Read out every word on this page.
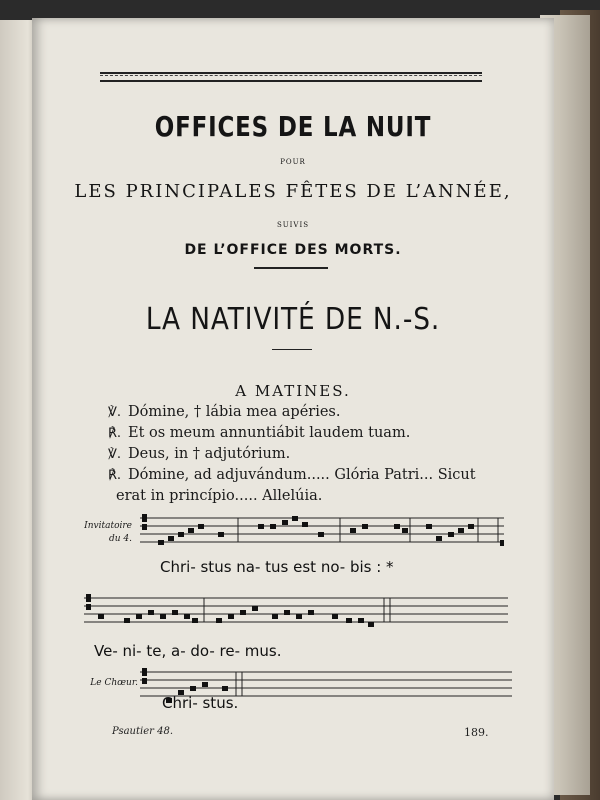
OFFICES DE LA NUIT
POUR
LES PRINCIPALES FÊTES DE L’ANNÉE,
SUIVIS
DE L’OFFICE DES MORTS.
LA NATIVITÉ DE N.-S.
A MATINES.
℣. Dómine, † lábia mea apéries.
℟. Et os meum annuntiábit laudem tuam.
℣. Deus, in † adjutórium.
℟. Dómine, ad adjuvándum..... Glória Patri... Sicut
erat in princípio..... Allelúia.
Invitatoire
du 4.
Chri- stus na- tus est no- bis : *
Ve- ni- te, a- do- re- mus.
Le Chœur.
Chri- stus.
Psautier 48.	189.
